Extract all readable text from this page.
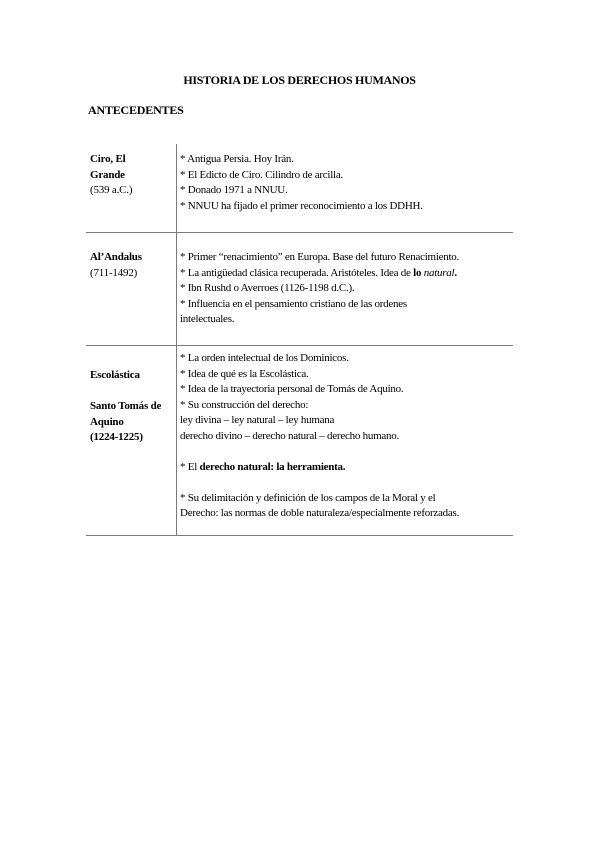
HISTORIA DE LOS DERECHOS HUMANOS
ANTECEDENTES

Ciro, El

Grande

(539 a.C.)

* Antigua Persia. Hoy Irán.

* El Edicto de Ciro. Cilindro de arcilla.

* Donado 1971 a NNUU.

* NNUU ha fijado el primer reconocimiento a los DDHH.

Al’Andalus

(711-1492)

* Primer “renacimiento” en Europa. Base del futuro Renacimiento.

* La antigüedad clásica recuperada. Aristóteles. Idea de lo natural.

* Ibn Rushd o Averroes (1126-1198 d.C.).

* Influencia en el pensamiento cristiano de las ordenes

intelectuales.

Escolástica

Santo Tomás de

Aquino

(1224-1225)

* La orden intelectual de los Dominicos.

* Idea de qué es la Escolástica.

* Idea de la trayectoria personal de Tomás de Aquino.

* Su construcción del derecho:

ley divina – ley natural – ley humana

derecho divino – derecho natural – derecho humano.

* El derecho natural: la herramienta.

* Su delimitación y definición de los campos de la Moral y el

Derecho: las normas de doble naturaleza/especialmente reforzadas.
